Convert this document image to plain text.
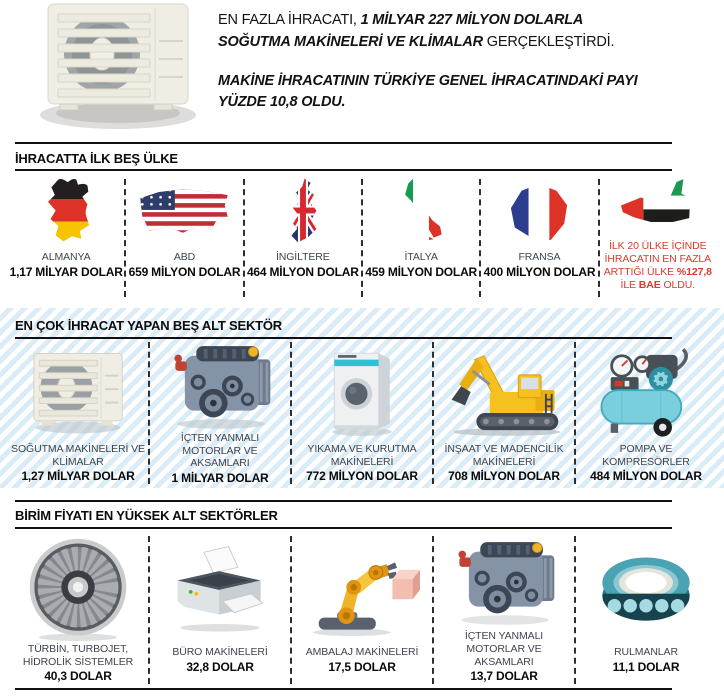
EN FAZLA İHRACATI, 1 MİLYAR 227 MİLYON DOLARLA
SOĞUTMA MAKİNELERİ VE KLİMALAR GERÇEKLEŞTİRDİ.

MAKİNE İHRACATININ TÜRKİYE GENEL İHRACATINDAKİ PAYI
YÜZDE 10,8 OLDU.

İHRACATTA İLK BEŞ ÜLKE
ALMANYA
1,17 MİLYAR DOLAR
ABD
659 MİLYON DOLAR
İNGİLTERE
464 MİLYON DOLAR
İTALYA
459 MİLYON DOLAR
FRANSA
400 MİLYON DOLAR
İLK 20 ÜLKE İÇİNDE İHRACATIN EN FAZLA ARTTIĞI ÜLKE %127,8 İLE BAE OLDU.
EN ÇOK İHRACAT YAPAN BEŞ ALT SEKTÖR
SOĞUTMA MAKİNELERİ VE KLİMALAR
1,27 MİLYAR DOLAR
İÇTEN YANMALI MOTORLAR VE AKSAMLARI
1 MİLYAR DOLAR
YIKAMA VE KURUTMA MAKİNELERİ
772 MİLYON DOLAR
İNŞAAT VE MADENCİLİK MAKİNELERİ
708 MİLYON DOLAR
POMPA VE KOMPRESÖRLER
484 MİLYON DOLAR
BİRİM FİYATI EN YÜKSEK ALT SEKTÖRLER
TÜRBİN, TURBOJET, HİDROLİK SİSTEMLER
40,3 DOLAR
BÜRO MAKİNELERİ
32,8 DOLAR
AMBALAJ MAKİNELERİ
17,5 DOLAR
İÇTEN YANMALI MOTORLAR VE AKSAMLARI
13,7 DOLAR
RULMANLAR
11,1 DOLAR
